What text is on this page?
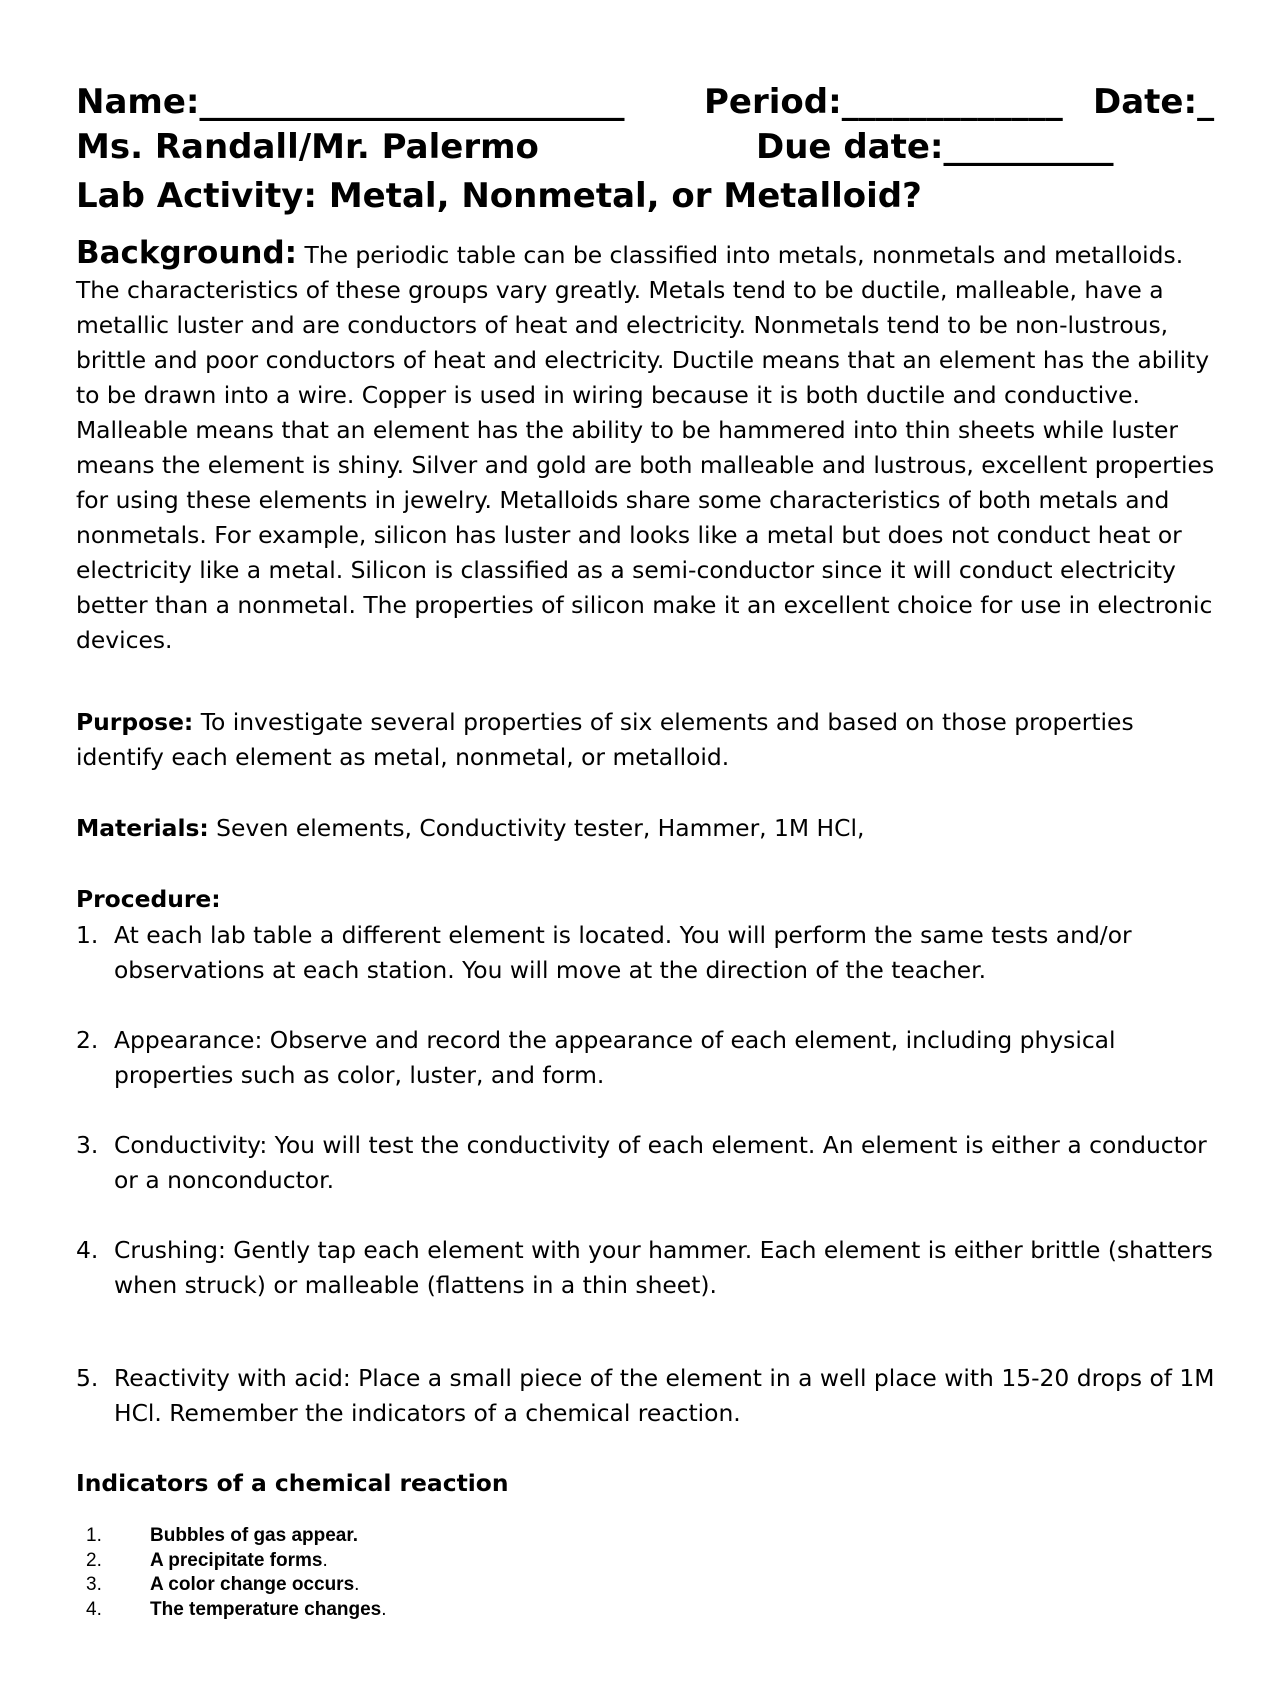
Name:_________________________ Period:_____________ Date:_
Ms. Randall/Mr. Palermo	Due date:__________
Lab Activity: Metal, Nonmetal, or Metalloid?
Background: The periodic table can be classified into metals, nonmetals and metalloids. The characteristics of these groups vary greatly. Metals tend to be ductile, malleable, have a metallic luster and are conductors of heat and electricity. Nonmetals tend to be non-lustrous, brittle and poor conductors of heat and electricity. Ductile means that an element has the ability to be drawn into a wire. Copper is used in wiring because it is both ductile and conductive. Malleable means that an element has the ability to be hammered into thin sheets while luster means the element is shiny. Silver and gold are both malleable and lustrous, excellent properties for using these elements in jewelry. Metalloids share some characteristics of both metals and nonmetals. For example, silicon has luster and looks like a metal but does not conduct heat or electricity like a metal. Silicon is classified as a semi-conductor since it will conduct electricity better than a nonmetal. The properties of silicon make it an excellent choice for use in electronic devices.
Purpose: To investigate several properties of six elements and based on those properties identify each element as metal, nonmetal, or metalloid.
Materials: Seven elements, Conductivity tester, Hammer, 1M HCl,
Procedure:
1. At each lab table a different element is located. You will perform the same tests and/or observations at each station. You will move at the direction of the teacher.
2. Appearance: Observe and record the appearance of each element, including physical properties such as color, luster, and form.
3. Conductivity: You will test the conductivity of each element. An element is either a conductor or a nonconductor.
4. Crushing: Gently tap each element with your hammer. Each element is either brittle (shatters when struck) or malleable (flattens in a thin sheet).
5. Reactivity with acid: Place a small piece of the element in a well place with 15-20 drops of 1M HCl. Remember the indicators of a chemical reaction.
Indicators of a chemical reaction
1.	Bubbles of gas appear.
2.	A precipitate forms.
3.	A color change occurs.
4.	The temperature changes.
